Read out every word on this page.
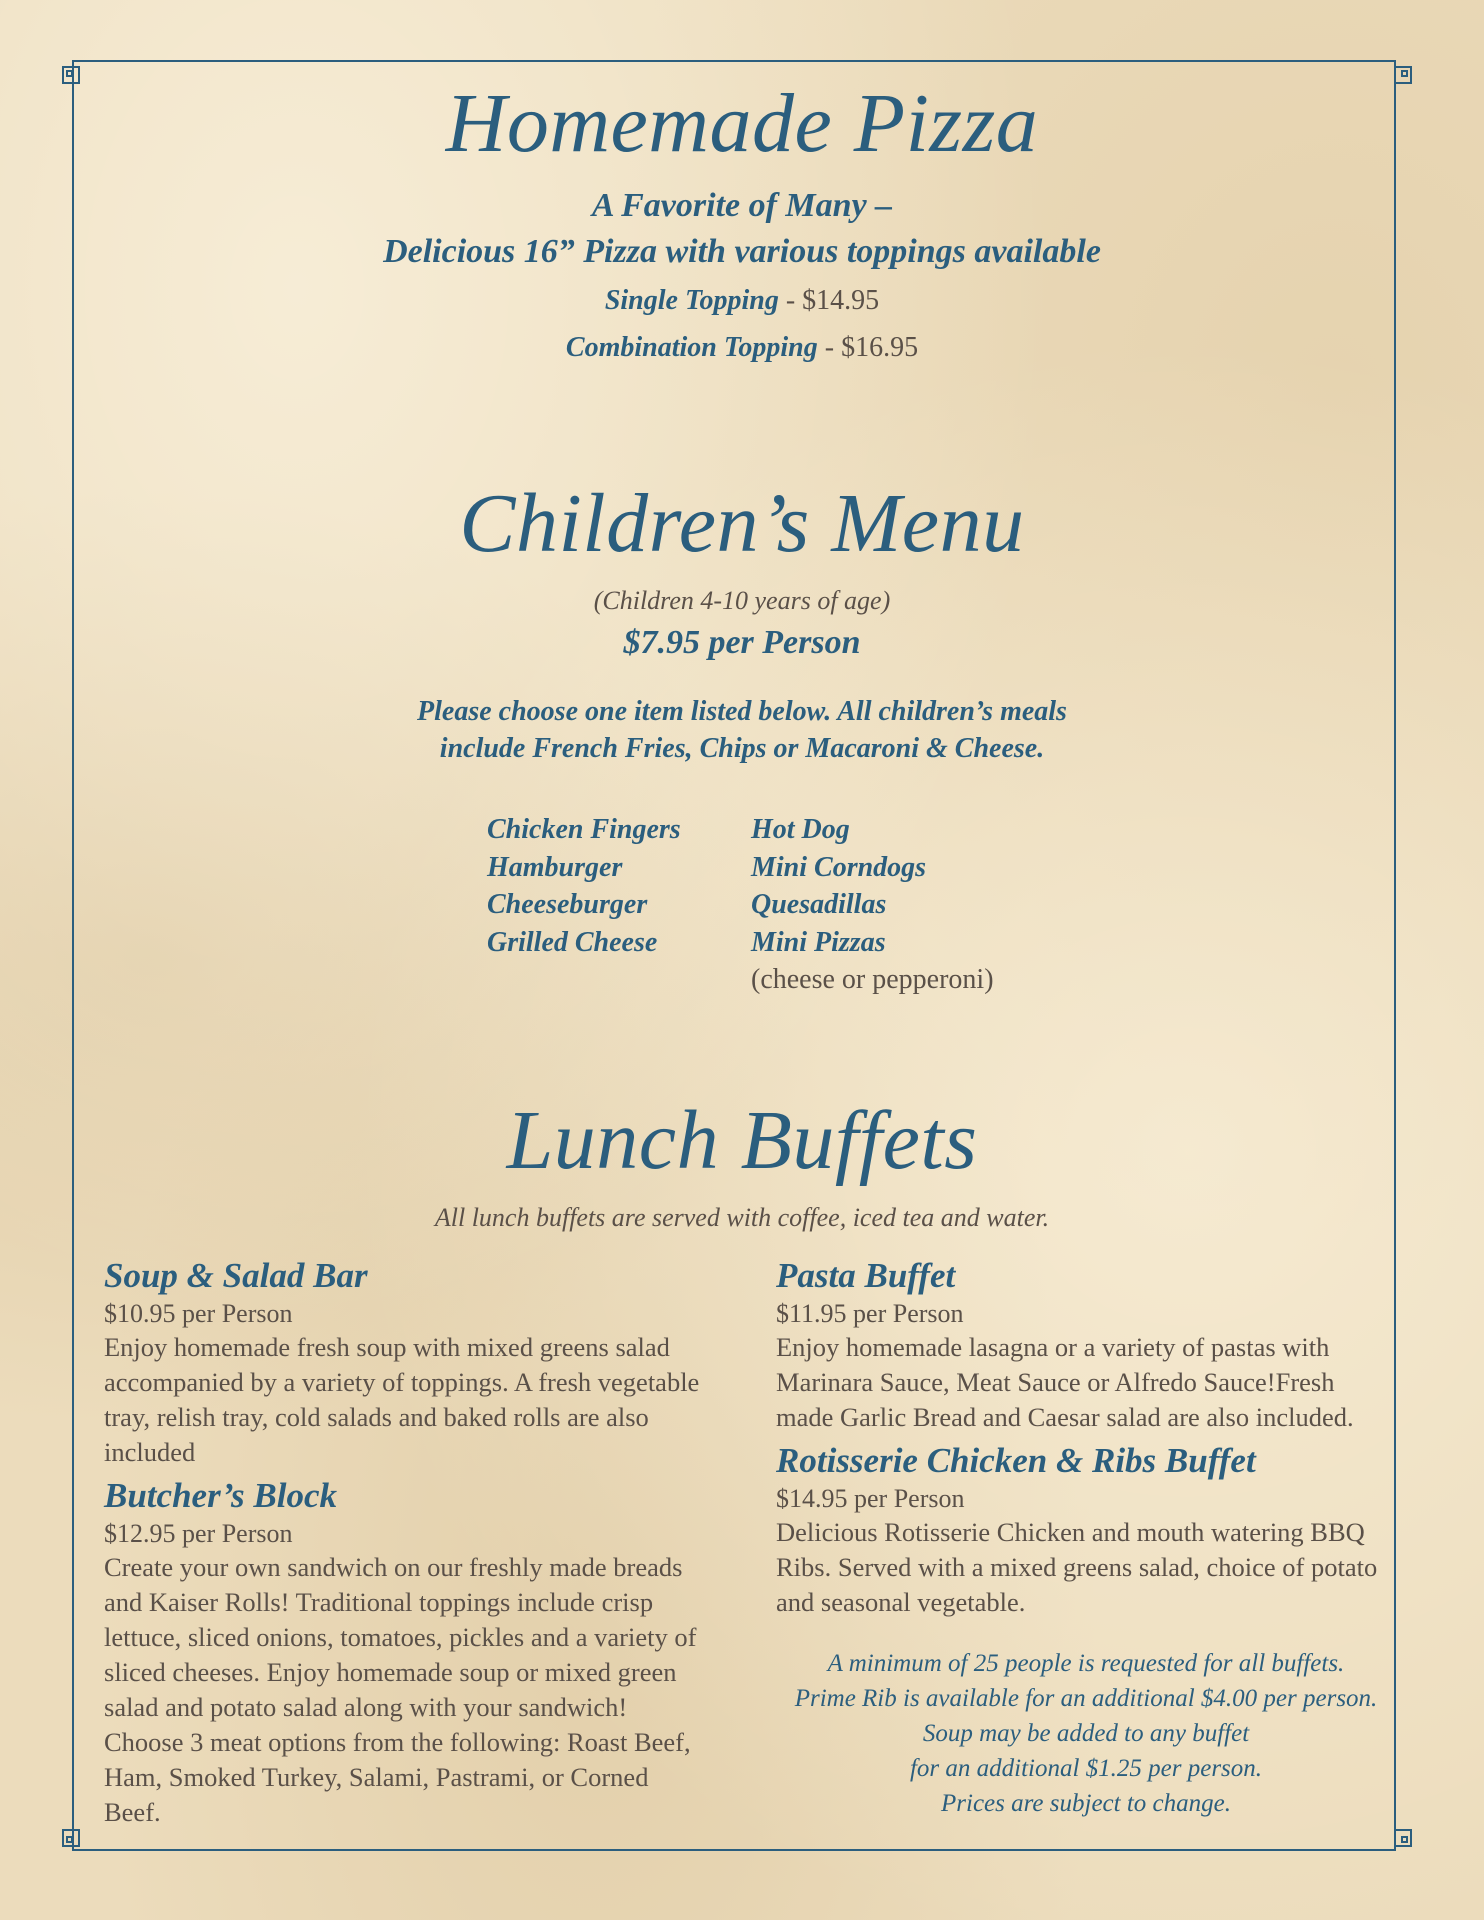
Homemade Pizza
A Favorite of Many –
Delicious 16” Pizza with various toppings available
Single Topping - $14.95
Combination Topping - $16.95
Children’s Menu
(Children 4-10 years of age)
$7.95 per Person
Please choose one item listed below. All children’s meals
include French Fries, Chips or Macaroni & Cheese.
Chicken Fingers
Hamburger
Cheeseburger
Grilled Cheese
Hot Dog
Mini Corndogs
Quesadillas
Mini Pizzas
(cheese or pepperoni)
Lunch Buffets
All lunch buffets are served with coffee, iced tea and water.
Soup & Salad Bar
$10.95 per Person
Enjoy homemade fresh soup with mixed greens salad accompanied by a variety of toppings. A fresh vegetable tray, relish tray, cold salads and baked rolls are also included
Butcher’s Block
$12.95 per Person
Create your own sandwich on our freshly made breads and Kaiser Rolls! Traditional toppings include crisp lettuce, sliced onions, tomatoes, pickles and a variety of sliced cheeses. Enjoy homemade soup or mixed green salad and potato salad along with your sandwich! Choose 3 meat options from the following: Roast Beef, Ham, Smoked Turkey, Salami, Pastrami, or Corned Beef.
Pasta Buffet
$11.95 per Person
Enjoy homemade lasagna or a variety of pastas with Marinara Sauce, Meat Sauce or Alfredo Sauce!Fresh made Garlic Bread and Caesar salad are also included.
Rotisserie Chicken & Ribs Buffet
$14.95 per Person
Delicious Rotisserie Chicken and mouth watering BBQ Ribs. Served with a mixed greens salad, choice of potato and seasonal vegetable.
A minimum of 25 people is requested for all buffets.
Prime Rib is available for an additional $4.00 per person.
Soup may be added to any buffet
for an additional $1.25 per person.
Prices are subject to change.
